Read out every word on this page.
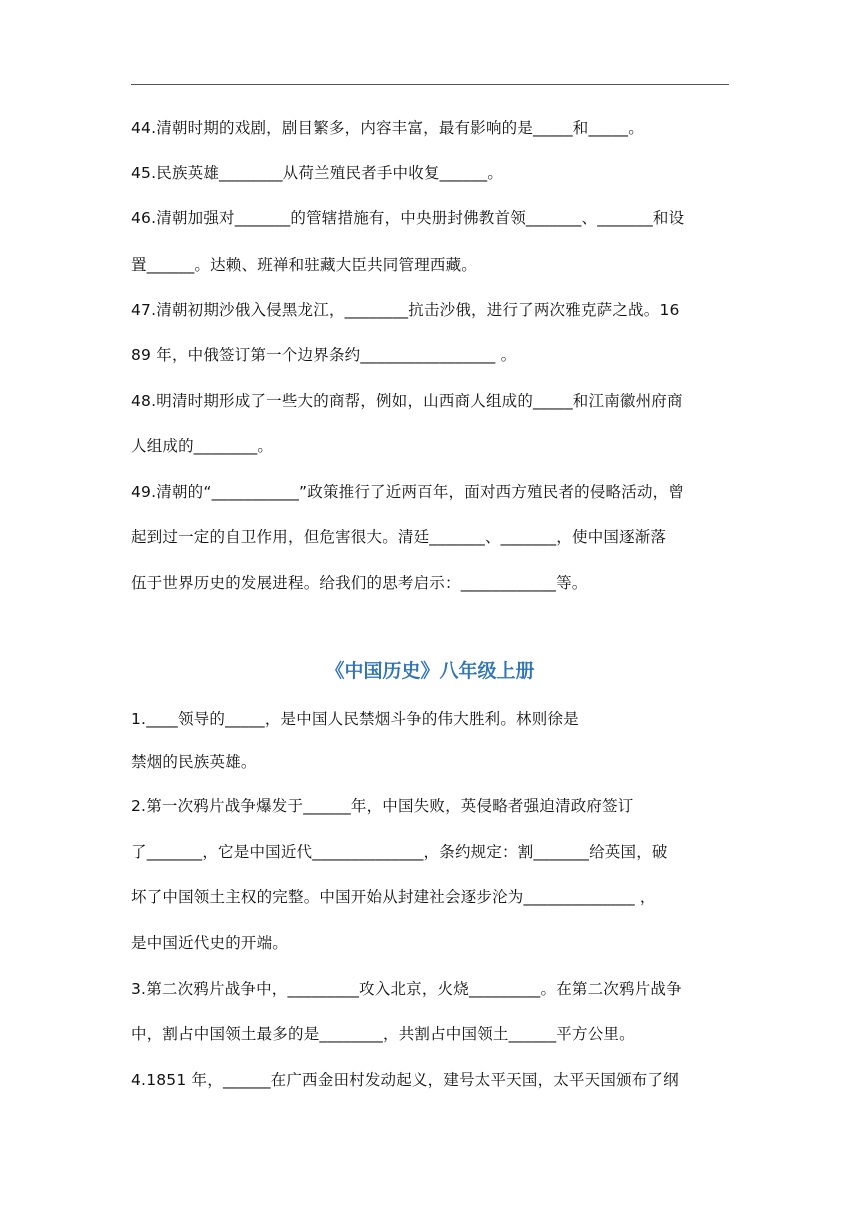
44.清朝时期的戏剧，剧目繁多，内容丰富，最有影响的是_____和_____。
45.民族英雄________从荷兰殖民者手中收复______。
46.清朝加强对_______的管辖措施有，中央册封佛教首领_______、_______和设
置______。达赖、班禅和驻藏大臣共同管理西藏。
47.清朝初期沙俄入侵黑龙江，________抗击沙俄，进行了两次雅克萨之战。16
89 年，中俄签订第一个边界条约_________________ 。
48.明清时期形成了一些大的商帮，例如，山西商人组成的_____和江南徽州府商
人组成的________。
49.清朝的“___________”政策推行了近两百年，面对西方殖民者的侵略活动，曾
起到过一定的自卫作用，但危害很大。清廷_______、_______，使中国逐渐落
伍于世界历史的发展进程。给我们的思考启示：____________等。
《中国历史》八年级上册
1.____领导的_____，是中国人民禁烟斗争的伟大胜利。林则徐是
禁烟的民族英雄。
2.第一次鸦片战争爆发于______年，中国失败，英侵略者强迫清政府签订
了_______，它是中国近代______________，条约规定：割_______给英国，破
坏了中国领土主权的完整。中国开始从封建社会逐步沦为______________ ，
是中国近代史的开端。
3.第二次鸦片战争中，_________攻入北京，火烧_________。在第二次鸦片战争
中，割占中国领土最多的是________，共割占中国领土______平方公里。
4.1851 年，______在广西金田村发动起义，建号太平天国，太平天国颁布了纲
